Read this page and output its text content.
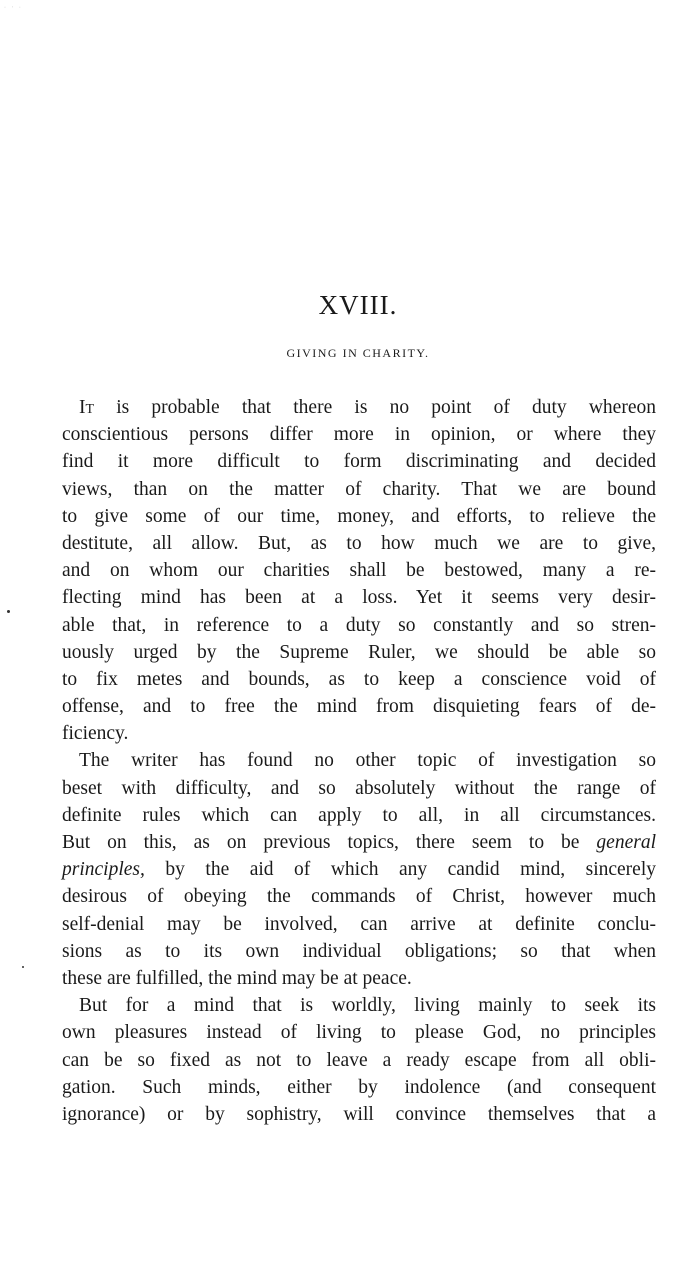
· ‧ ·
XVIII.
GIVING IN CHARITY.
It is probable that there is no point of duty whereon
conscientious persons differ more in opinion, or where they
find it more difficult to form discriminating and decided
views, than on the matter of charity. That we are bound
to give some of our time, money, and efforts, to relieve the
destitute, all allow. But, as to how much we are to give,
and on whom our charities shall be bestowed, many a re-
flecting mind has been at a loss. Yet it seems very desir-
able that, in reference to a duty so constantly and so stren-
uously urged by the Supreme Ruler, we should be able so
to fix metes and bounds, as to keep a conscience void of
offense, and to free the mind from disquieting fears of de-
ficiency.
The writer has found no other topic of investigation so
beset with difficulty, and so absolutely without the range of
definite rules which can apply to all, in all circumstances.
But on this, as on previous topics, there seem to be general
principles, by the aid of which any candid mind, sincerely
desirous of obeying the commands of Christ, however much
self-denial may be involved, can arrive at definite conclu-
sions as to its own individual obligations; so that when
these are fulfilled, the mind may be at peace.
But for a mind that is worldly, living mainly to seek its
own pleasures instead of living to please God, no principles
can be so fixed as not to leave a ready escape from all obli-
gation. Such minds, either by indolence (and consequent
ignorance) or by sophistry, will convince themselves that a
